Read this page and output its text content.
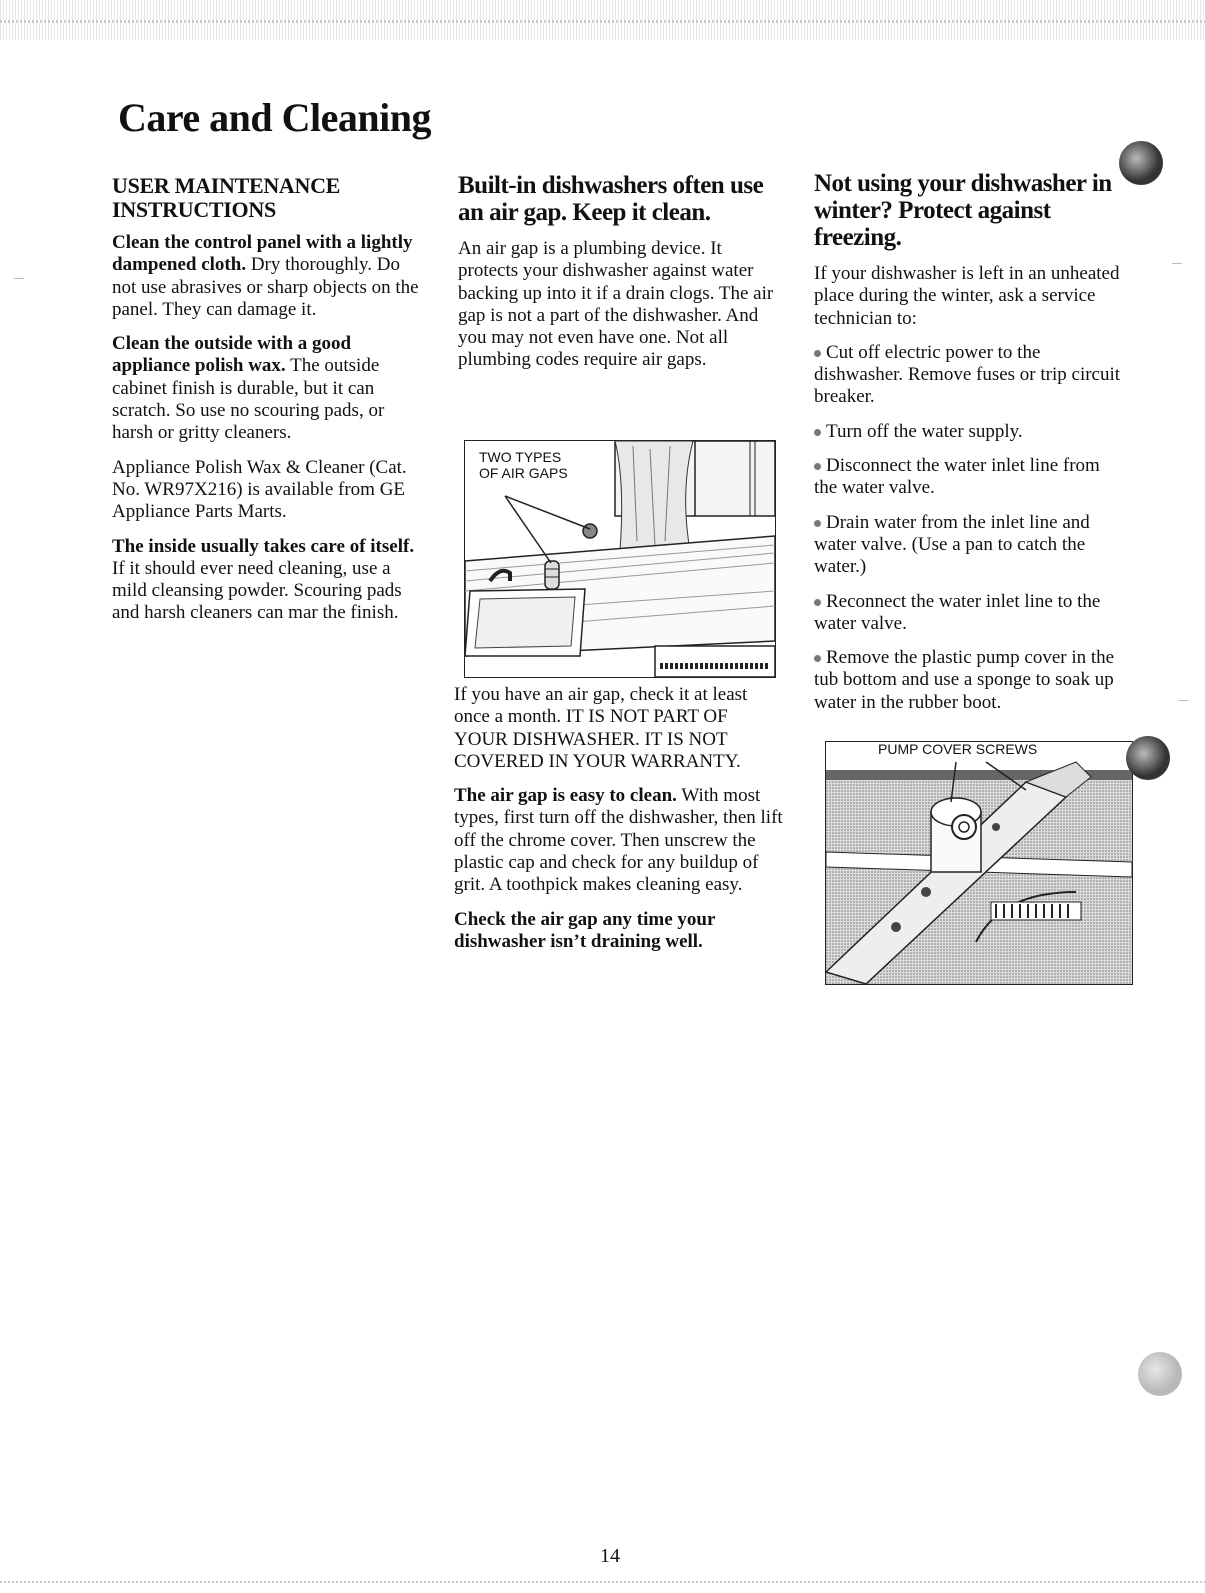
Care and Cleaning
USER MAINTENANCE INSTRUCTIONS

Clean the control panel with a lightly dampened cloth. Dry thoroughly. Do not use abrasives or sharp objects on the panel. They can damage it.

Clean the outside with a good appliance polish wax. The outside cabinet finish is durable, but it can scratch. So use no scouring pads, or harsh or gritty cleaners.

Appliance Polish Wax & Cleaner (Cat. No. WR97X216) is available from GE Appliance Parts Marts.

The inside usually takes care of itself. If it should ever need cleaning, use a mild cleansing powder. Scouring pads and harsh cleaners can mar the finish.

Built-in dishwashers often use an air gap. Keep it clean.

An air gap is a plumbing device. It protects your dishwasher against water backing up into it if a drain clogs. The air gap is not a part of the dishwasher. And you may not even have one. Not all plumbing codes require air gaps.

TWO TYPES
OF AIR GAPS

If you have an air gap, check it at least once a month. IT IS NOT PART OF YOUR DISHWASHER. IT IS NOT COVERED IN YOUR WARRANTY.

The air gap is easy to clean. With most types, first turn off the dishwasher, then lift off the chrome cover. Then unscrew the plastic cap and check for any buildup of grit. A toothpick makes cleaning easy.

Check the air gap any time your dishwasher isn’t draining well.

Not using your dishwasher in winter? Protect against freezing.

If your dishwasher is left in an unheated place during the winter, ask a service technician to:

Cut off electric power to the dishwasher. Remove fuses or trip circuit breaker.
Turn off the water supply.
Disconnect the water inlet line from the water valve.
Drain water from the inlet line and water valve. (Use a pan to catch the water.)
Reconnect the water inlet line to the water valve.
Remove the plastic pump cover in the tub bottom and use a sponge to soak up water in the rubber boot.
PUMP COVER SCREWS
14
